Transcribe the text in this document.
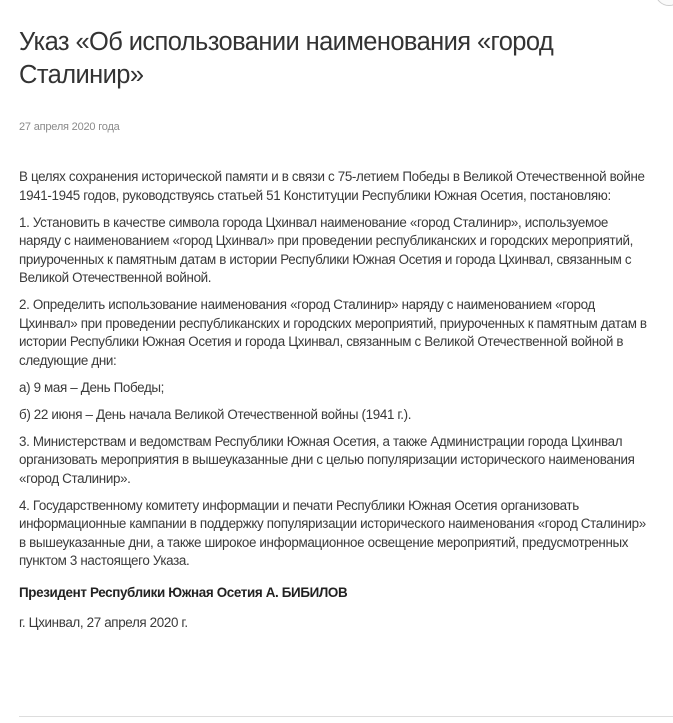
Указ «Об использовании наименования «город Сталинир»
27 апреля 2020 года

В целях сохранения исторической памяти и в связи с 75-летием Победы в Великой Отечественной войне 1941-1945 годов, руководствуясь статьей 51 Конституции Республики Южная Осетия, постановляю:

1. Установить в качестве символа города Цхинвал наименование «город Сталинир», используемое наряду с наименованием «город Цхинвал» при проведении республиканских и городских мероприятий, приуроченных к памятным датам в истории Республики Южная Осетия и города Цхинвал, связанным с Великой Отечественной войной.

2. Определить использование наименования «город Сталинир» наряду с наименованием «город Цхинвал» при проведении республиканских и городских мероприятий, приуроченных к памятным датам в истории Республики Южная Осетия и города Цхинвал, связанным с Великой Отечественной войной в следующие дни:

а) 9 мая – День Победы;

б) 22 июня – День начала Великой Отечественной войны (1941 г.).

3. Министерствам и ведомствам Республики Южная Осетия, а также Администрации города Цхинвал организовать мероприятия в вышеуказанные дни с целью популяризации исторического наименования «город Сталинир».

4. Государственному комитету информации и печати Республики Южная Осетия организовать информационные кампании в поддержку популяризации исторического наименования «город Сталинир» в вышеуказанные дни, а также широкое информационное освещение мероприятий, предусмотренных пунктом 3 настоящего Указа.

Президент Республики Южная Осетия А. БИБИЛОВ

г. Цхинвал, 27 апреля 2020 г.
